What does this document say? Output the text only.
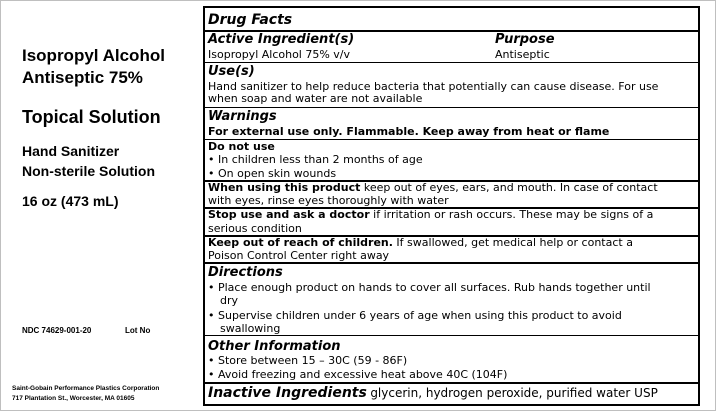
Isopropyl Alcohol
Antiseptic 75%
Topical Solution
Hand Sanitizer
Non-sterile Solution
16 oz (473 mL)
NDC 74629-001-20	Lot No
Saint-Gobain Performance Plastics Corporation
717 Plantation St., Worcester, MA 01605
Drug Facts
Active Ingredient(s)	Purpose
Isopropyl Alcohol 75% v/v	Antiseptic
Use(s)
Hand sanitizer to help reduce bacteria that potentially can cause disease. For use
when soap and water are not available
Warnings
For external use only. Flammable. Keep away from heat or flame
Do not use
• In children less than 2 months of age
• On open skin wounds
When using this product keep out of eyes, ears, and mouth. In case of contact
with eyes, rinse eyes thoroughly with water
Stop use and ask a doctor if irritation or rash occurs. These may be signs of a
serious condition
Keep out of reach of children. If swallowed, get medical help or contact a
Poison Control Center right away
Directions
• Place enough product on hands to cover all surfaces. Rub hands together until
dry
• Supervise children under 6 years of age when using this product to avoid
swallowing
Other Information
• Store between 15 – 30C (59 - 86F)
• Avoid freezing and excessive heat above 40C (104F)
Inactive Ingredients glycerin, hydrogen peroxide, purified water USP
